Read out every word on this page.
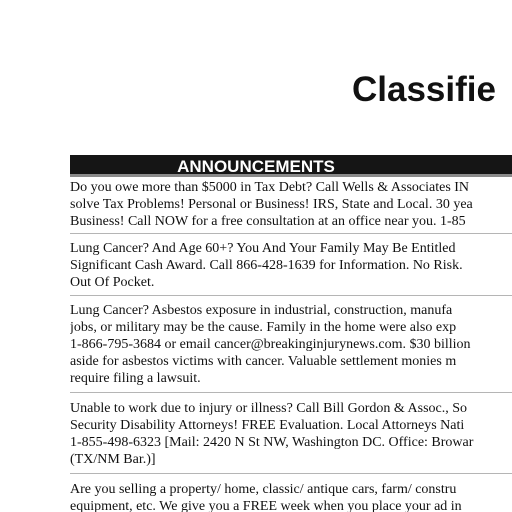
Classifie
ANNOUNCEMENTS
Do you owe more than $5000 in Tax Debt? Call Wells & Associates IN
solve Tax Problems! Personal or Business! IRS, State and Local. 30 yea
Business! Call NOW for a free consultation at an office near you. 1-85
Lung Cancer? And Age 60+? You And Your Family May Be Entitled
Significant Cash Award. Call 866-428-1639 for Information. No Risk.
Out Of Pocket.
Lung Cancer? Asbestos exposure in industrial, construction, manufa
jobs, or military may be the cause. Family in the home were also exp
1-866-795-3684 or email cancer@breakinginjurynews.com. $30 billion
aside for asbestos victims with cancer. Valuable settlement monies m
require filing a lawsuit.
Unable to work due to injury or illness? Call Bill Gordon & Assoc., So
Security Disability Attorneys! FREE Evaluation. Local Attorneys Nati
1-855-498-6323 [Mail: 2420 N St NW, Washington DC. Office: Browar
(TX/NM Bar.)]
Are you selling a property/ home, classic/ antique cars, farm/ constru
equipment, etc. We give you a FREE week when you place your ad in
